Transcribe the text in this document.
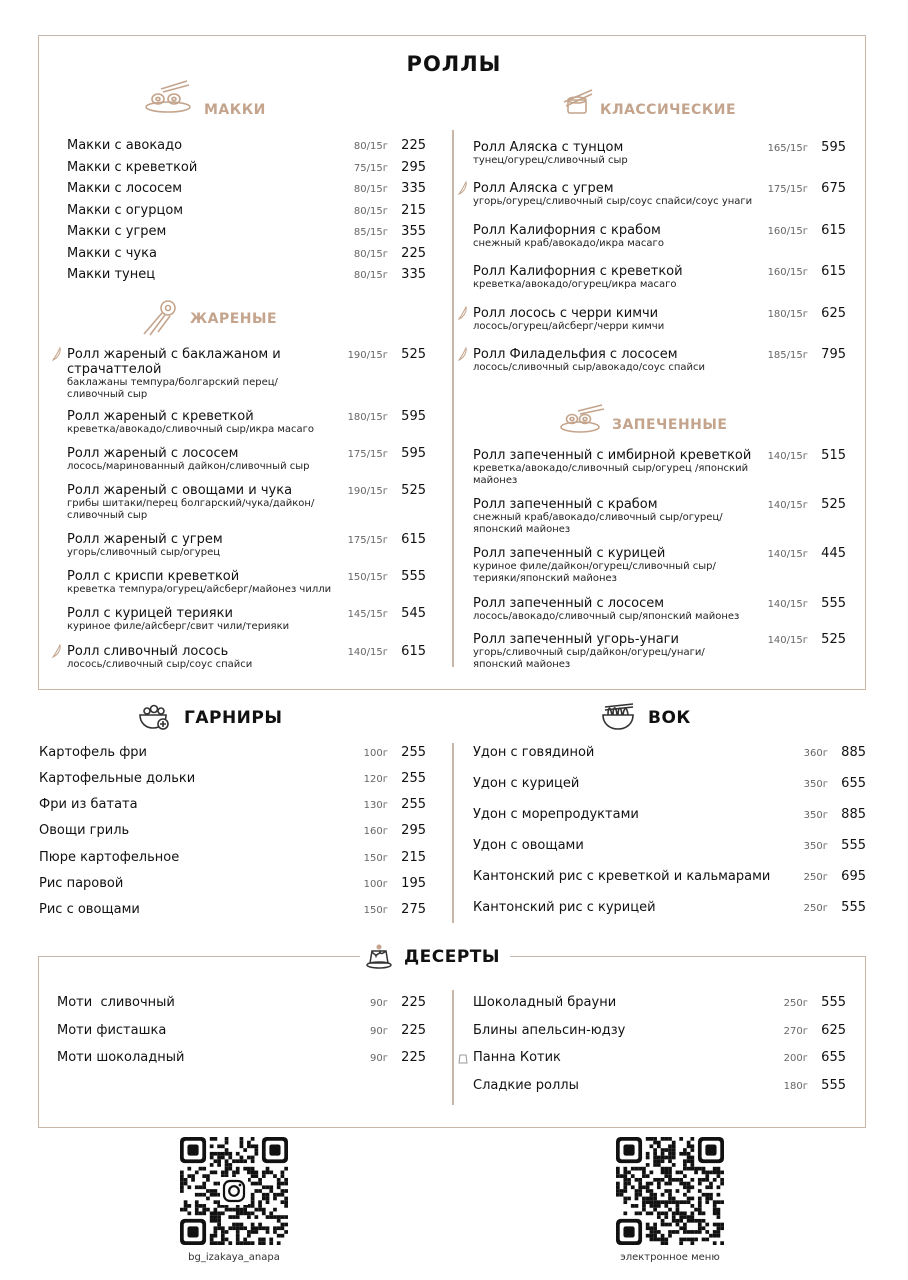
РОЛЛЫ
МАККИ	КЛАССИЧЕСКИЕ
ЖАРЕНЫЕ
ЗАПЕЧЕННЫЕ
Макки с авокадо	80/15г	225
Макки с креветкой	75/15г	295
Макки с лососем	80/15г	335
Макки с огурцом	80/15г	215
Макки с угрем	85/15г	355
Макки с чука	80/15г	225
Макки тунец	80/15г	335
Ролл жареный с баклажаном и страчаттелой
баклажаны темпура/болгарский перец/ сливочный сыр
190/15г	525
Ролл жареный с креветкой
креветка/авокадо/сливочный сыр/икра масаго
180/15г	595
Ролл жареный с лососем
лосось/маринованный дайкон/сливочный сыр
175/15г	595
Ролл жареный с овощами и чука
грибы шитаки/перец болгарский/чука/дайкон/ сливочный сыр
190/15г	525
Ролл жареный с угрем
угорь/сливочный сыр/огурец
175/15г	615
Ролл с криспи креветкой
креветка темпура/огурец/айсберг/майонез чилли
150/15г	555
Ролл с курицей терияки
куриное филе/айсберг/свит чили/терияки
145/15г	545
Ролл сливочный лосось
лосось/сливочный сыр/соус спайси
140/15г	615
Ролл Аляска с тунцом
тунец/огурец/сливочный сыр
165/15г	595
Ролл Аляска с угрем
угорь/огурец/сливочный сыр/соус спайси/соус унаги
175/15г	675
Ролл Калифорния с крабом
снежный краб/авокадо/икра масаго
160/15г	615
Ролл Калифорния с креветкой
креветка/авокадо/огурец/икра масаго
160/15г	615
Ролл лосось с черри кимчи
лосось/огурец/айсберг/черри кимчи
180/15г	625
Ролл Филадельфия с лососем
лосось/сливочный сыр/авокадо/соус спайси
185/15г	795
Ролл запеченный с имбирной креветкой
креветка/авокадо/сливочный сыр/огурец /японский майонез
140/15г	515
Ролл запеченный с крабом
снежный краб/авокадо/сливочный сыр/огурец/ японский майонез
140/15г	525
Ролл запеченный с курицей
куриное филе/дайкон/огурец/сливочный сыр/ терияки/японский майонез
140/15г	445
Ролл запеченный с лососем
лосось/авокадо/сливочный сыр/японский майонез
140/15г	555
Ролл запеченный угорь-унаги
угорь/сливочный сыр/дайкон/огурец/унаги/ японский майонез
140/15г	525
ГАРНИРЫ
Картофель фри	100г	255
Картофельные дольки	120г	255
Фри из батата	130г	255
Овощи гриль	160г	295
Пюре картофельное	150г	215
Рис паровой	100г	195
Рис с овощами	150г	275
ВОК
Удон с говядиной	360г	885
Удон с курицей	350г	655
Удон с морепродуктами	350г	885
Удон с овощами	350г	555
Кантонский рис с креветкой и кальмарами	250г	695
Кантонский рис с курицей	250г	555
ДЕСЕРТЫ
Моти  сливочный	90г	225
Моти фисташка	90г	225
Моти шоколадный	90г	225
Шоколадный брауни	250г	555
Блины апельсин-юдзу	270г	625
Панна Котик	200г	655
Сладкие роллы	180г	555
bg_izakaya_anapa	электронное меню
